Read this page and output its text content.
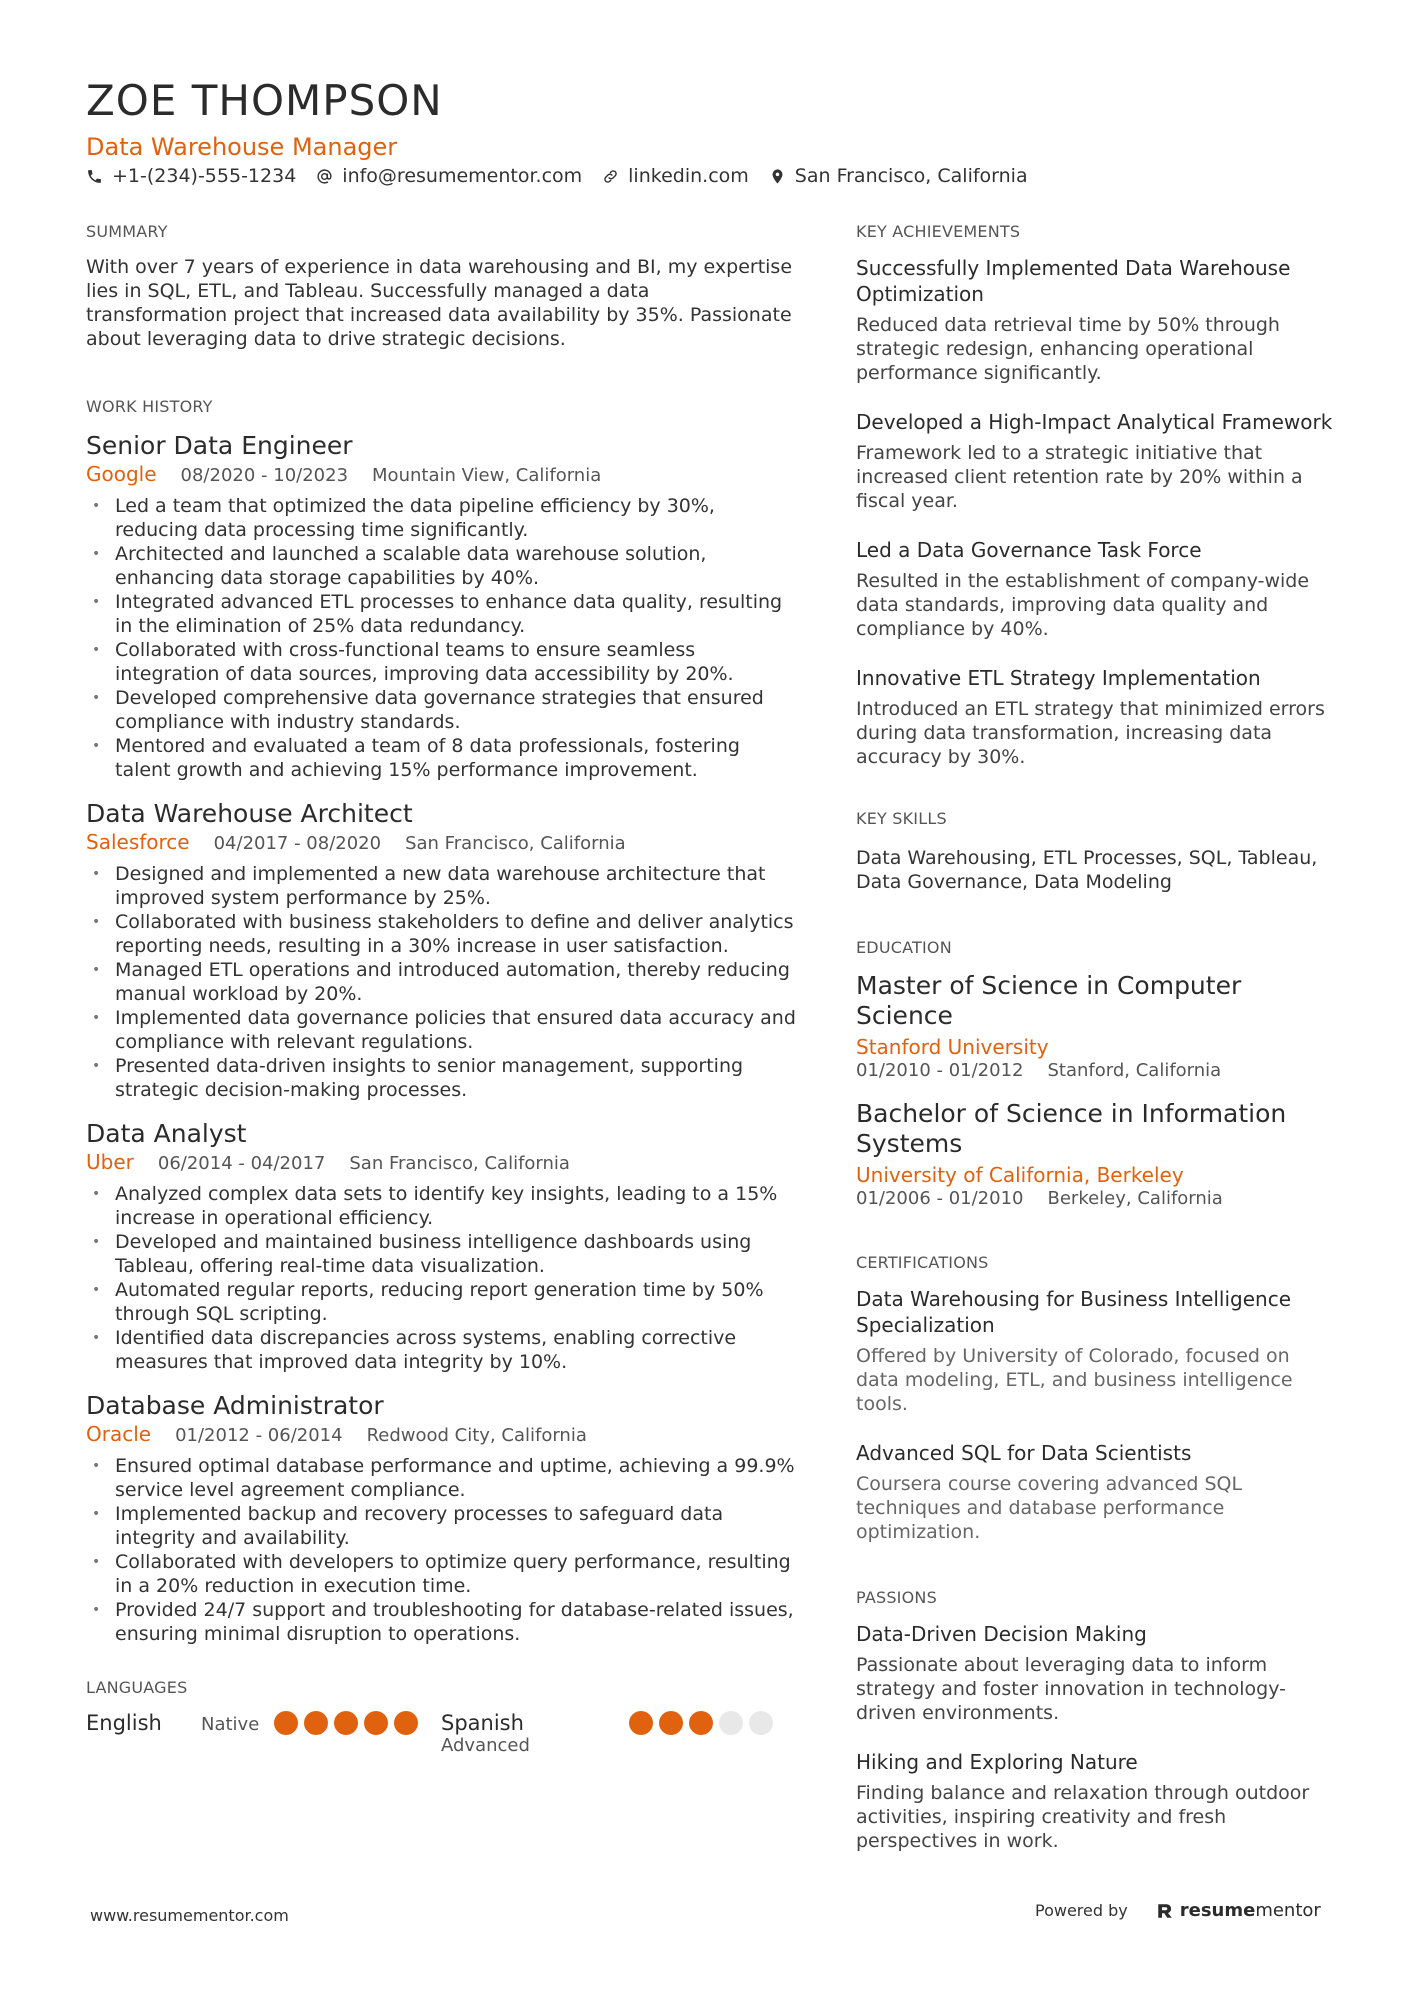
ZOE THOMPSON
Data Warehouse Manager
+1-(234)-555-1234 info@resumementor.com linkedin.com San Francisco, California
SUMMARY
With over 7 years of experience in data warehousing and BI, my expertise lies in SQL, ETL, and Tableau. Successfully managed a data transformation project that increased data availability by 35%. Passionate about leveraging data to drive strategic decisions.
WORK HISTORY
Senior Data Engineer
Google 08/2020 - 10/2023 Mountain View, California
• Led a team that optimized the data pipeline efficiency by 30%, reducing data processing time significantly.
• Architected and launched a scalable data warehouse solution, enhancing data storage capabilities by 40%.
• Integrated advanced ETL processes to enhance data quality, resulting in the elimination of 25% data redundancy.
• Collaborated with cross-functional teams to ensure seamless integration of data sources, improving data accessibility by 20%.
• Developed comprehensive data governance strategies that ensured compliance with industry standards.
• Mentored and evaluated a team of 8 data professionals, fostering talent growth and achieving 15% performance improvement.
Data Warehouse Architect
Salesforce 04/2017 - 08/2020 San Francisco, California
• Designed and implemented a new data warehouse architecture that improved system performance by 25%.
• Collaborated with business stakeholders to define and deliver analytics reporting needs, resulting in a 30% increase in user satisfaction.
• Managed ETL operations and introduced automation, thereby reducing manual workload by 20%.
• Implemented data governance policies that ensured data accuracy and compliance with relevant regulations.
• Presented data-driven insights to senior management, supporting strategic decision-making processes.
Data Analyst
Uber 06/2014 - 04/2017 San Francisco, California
• Analyzed complex data sets to identify key insights, leading to a 15% increase in operational efficiency.
• Developed and maintained business intelligence dashboards using Tableau, offering real-time data visualization.
• Automated regular reports, reducing report generation time by 50% through SQL scripting.
• Identified data discrepancies across systems, enabling corrective measures that improved data integrity by 10%.
Database Administrator
Oracle 01/2012 - 06/2014 Redwood City, California
• Ensured optimal database performance and uptime, achieving a 99.9% service level agreement compliance.
• Implemented backup and recovery processes to safeguard data integrity and availability.
• Collaborated with developers to optimize query performance, resulting in a 20% reduction in execution time.
• Provided 24/7 support and troubleshooting for database-related issues, ensuring minimal disruption to operations.
LANGUAGES
English	Native	Spanish
Advanced
KEY ACHIEVEMENTS
Successfully Implemented Data Warehouse Optimization
Reduced data retrieval time by 50% through strategic redesign, enhancing operational performance significantly.
Developed a High-Impact Analytical Framework
Framework led to a strategic initiative that increased client retention rate by 20% within a fiscal year.
Led a Data Governance Task Force
Resulted in the establishment of company-wide data standards, improving data quality and compliance by 40%.
Innovative ETL Strategy Implementation
Introduced an ETL strategy that minimized errors during data transformation, increasing data accuracy by 30%.
KEY SKILLS
Data Warehousing, ETL Processes, SQL, Tableau, Data Governance, Data Modeling
EDUCATION
Master of Science in Computer Science
Stanford University
01/2010 - 01/2012 Stanford, California
Bachelor of Science in Information Systems
University of California, Berkeley
01/2006 - 01/2010 Berkeley, California
CERTIFICATIONS
Data Warehousing for Business Intelligence Specialization
Offered by University of Colorado, focused on data modeling, ETL, and business intelligence tools.
Advanced SQL for Data Scientists
Coursera course covering advanced SQL techniques and database performance optimization.
PASSIONS
Data-Driven Decision Making
Passionate about leveraging data to inform strategy and foster innovation in technology-driven environments.
Hiking and Exploring Nature
Finding balance and relaxation through outdoor activities, inspiring creativity and fresh perspectives in work.
www.resumementor.com	Powered by	resume mentor
